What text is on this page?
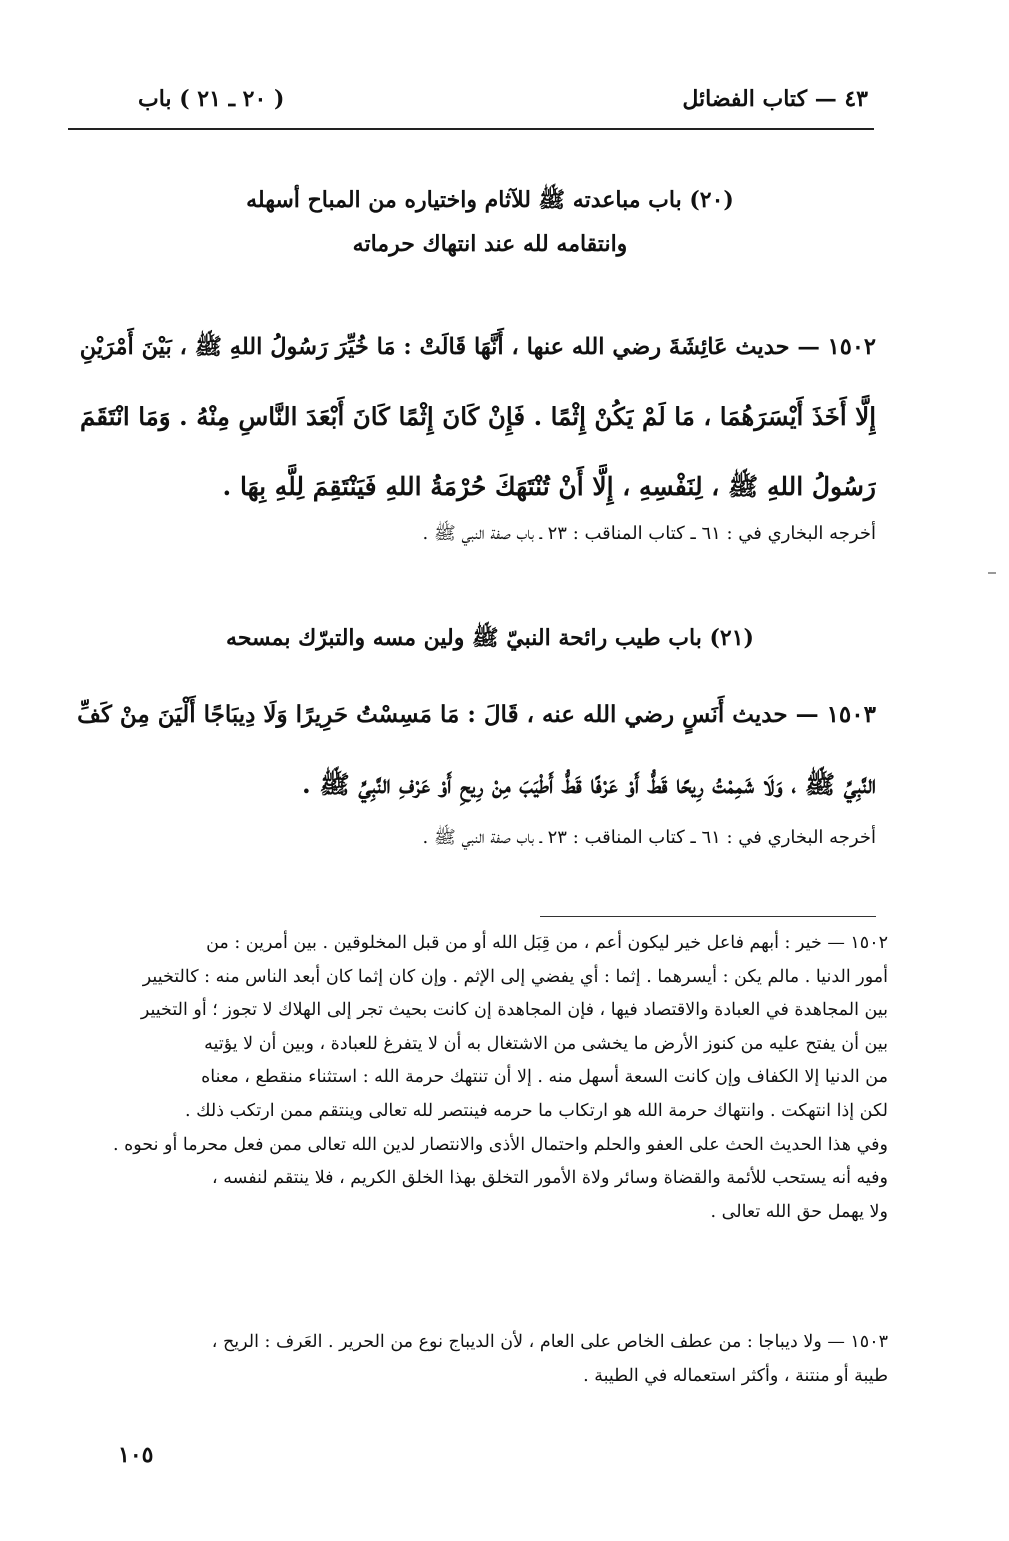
٤٣ — كتاب الفضائل
( ٢٠ ـ ٢١ ) باب
(٢٠) باب مباعدته ﷺ للآثام واختياره من المباح أسهله
وانتقامه لله عند انتهاك حرماته
١٥٠٢ — حديث عَائِشَةَ رضي الله عنها ، أَنَّهَا قَالَتْ : مَا خُيِّرَ رَسُولُ اللهِ ﷺ ، بَيْنَ أَمْرَيْنِ
إِلَّا أَخَذَ أَيْسَرَهُمَا ، مَا لَمْ يَكُنْ إِثْمًا . فَإِنْ كَانَ إِثْمًا كَانَ أَبْعَدَ النَّاسِ مِنْهُ . وَمَا انْتَقَمَ
رَسُولُ اللهِ ﷺ ، لِنَفْسِهِ ، إِلَّا أَنْ تُنْتَهَكَ حُرْمَةُ اللهِ فَيَنْتَقِمَ لِلَّهِ بِهَا .
أخرجه البخاري في : ٦١ ـ كتاب المناقب : ٢٣ ـ باب صفة النبي ﷺ .
(٢١) باب طيب رائحة النبيّ ﷺ ولين مسه والتبرّك بمسحه
١٥٠٣ — حديث أَنَسٍ رضي الله عنه ، قَالَ : مَا مَسِسْتُ حَرِيرًا وَلَا دِيبَاجًا أَلْيَنَ مِنْ كَفِّ
النَّبِيِّ ﷺ ، وَلَا شَمِمْتُ رِيحًا قَطُّ أَوْ عَرْفًا قَطُّ أَطْيَبَ مِنْ رِيحِ أَوْ عَرْفِ النَّبِيِّ ﷺ .
أخرجه البخاري في : ٦١ ـ كتاب المناقب : ٢٣ ـ باب صفة النبي ﷺ .
١٥٠٢ — خير : أبهم فاعل خير ليكون أعم ، من قِبَل الله أو من قبل المخلوقين . بين أمرين : من
أمور الدنيا . مالم يكن : أيسرهما . إثما : أي يفضي إلى الإثم . وإن كان إثما كان أبعد الناس منه : كالتخيير
بين المجاهدة في العبادة والاقتصاد فيها ، فإن المجاهدة إن كانت بحيث تجر إلى الهلاك لا تجوز ؛ أو التخيير
بين أن يفتح عليه من كنوز الأرض ما يخشى من الاشتغال به أن لا يتفرغ للعبادة ، وبين أن لا يؤتيه
من الدنيا إلا الكفاف وإن كانت السعة أسهل منه . إلا أن تنتهك حرمة الله : استثناء منقطع ، معناه
لكن إذا انتهكت . وانتهاك حرمة الله هو ارتكاب ما حرمه فينتصر لله تعالى وينتقم ممن ارتكب ذلك .
وفي هذا الحديث الحث على العفو والحلم واحتمال الأذى والانتصار لدين الله تعالى ممن فعل محرما أو نحوه .
وفيه أنه يستحب للأئمة والقضاة وسائر ولاة الأمور التخلق بهذا الخلق الكريم ، فلا ينتقم لنفسه ،
ولا يهمل حق الله تعالى .
١٥٠٣ — ولا ديباجا : من عطف الخاص على العام ، لأن الديباج نوع من الحرير . العَرف : الريح ،
طيبة أو منتنة ، وأكثر استعماله في الطيبة .
١٠٥
